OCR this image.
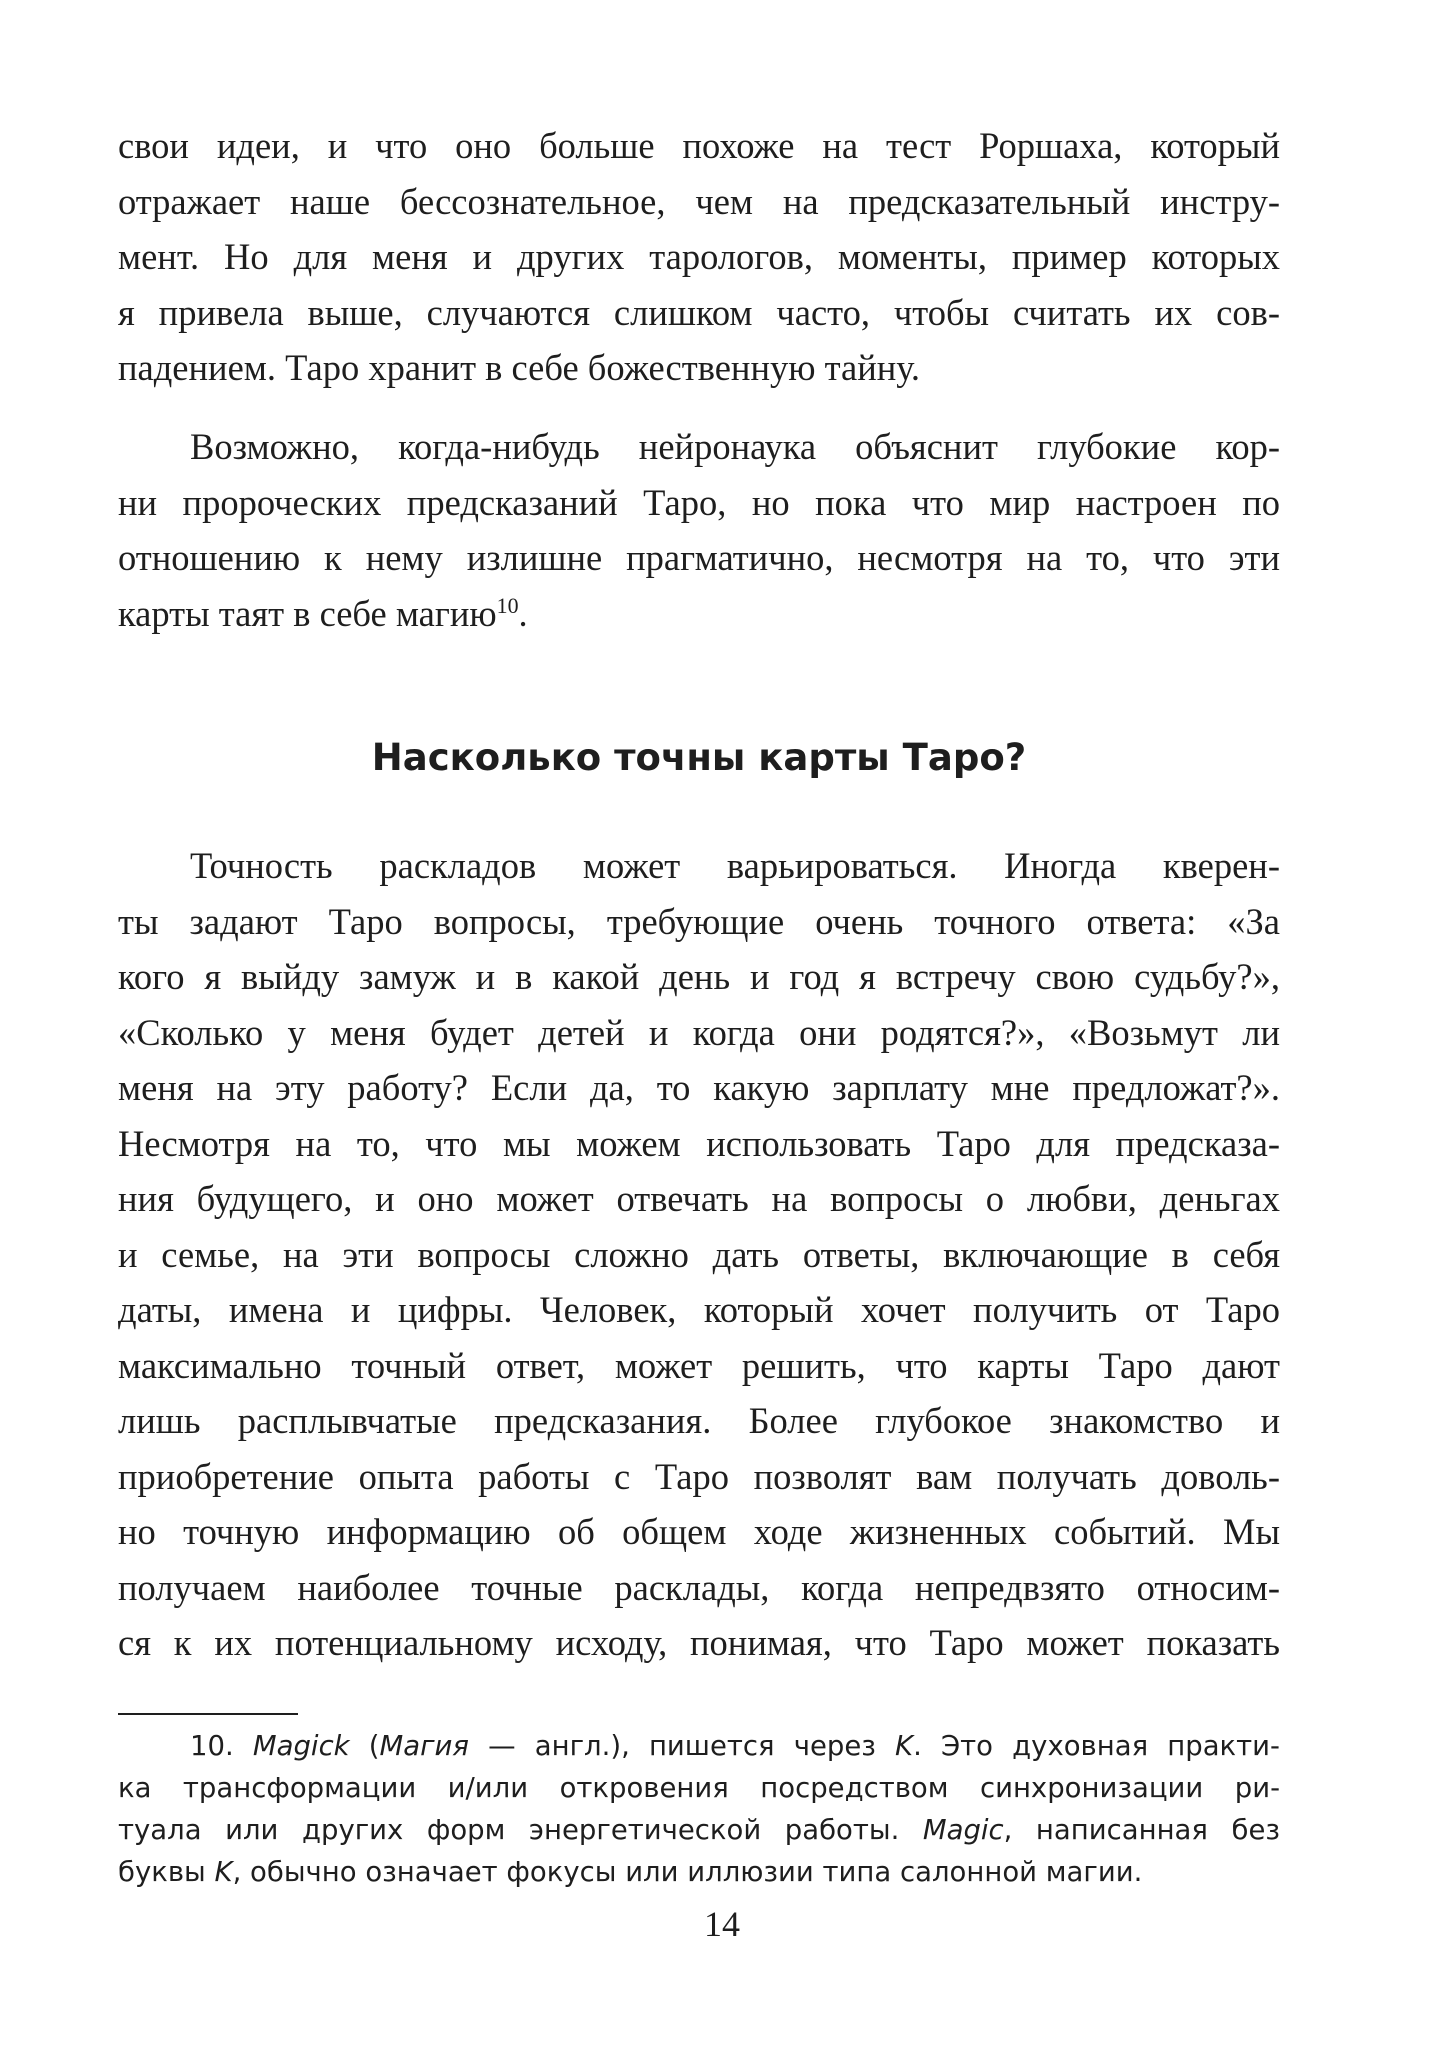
свои идеи, и что оно больше похоже на тест Роршаха, который
отражает наше бессознательное, чем на предсказательный инстру-
мент. Но для меня и других тарологов, моменты, пример которых
я привела выше, случаются слишком часто, чтобы считать их сов-
падением. Таро хранит в себе божественную тайну.
Возможно, когда-нибудь нейронаука объяснит глубокие кор-
ни пророческих предсказаний Таро, но пока что мир настроен по
отношению к нему излишне прагматично, несмотря на то, что эти
карты таят в себе магию$^{10}$.
Насколько точны карты Таро?
Точность раскладов может варьироваться. Иногда кверен-
ты задают Таро вопросы, требующие очень точного ответа: «За
кого я выйду замуж и в какой день и год я встречу свою судьбу?»,
«Сколько у меня будет детей и когда они родятся?», «Возьмут ли
меня на эту работу? Если да, то какую зарплату мне предложат?».
Несмотря на то, что мы можем использовать Таро для предсказа-
ния будущего, и оно может отвечать на вопросы о любви, деньгах
и семье, на эти вопросы сложно дать ответы, включающие в себя
даты, имена и цифры. Человек, который хочет получить от Таро
максимально точный ответ, может решить, что карты Таро дают
лишь расплывчатые предсказания. Более глубокое знакомство и
приобретение опыта работы с Таро позволят вам получать доволь-
но точную информацию об общем ходе жизненных событий. Мы
получаем наиболее точные расклады, когда непредвзято относим-
ся к их потенциальному исходу, понимая, что Таро может показать
10. Magick (Магия — англ.), пишется через K. Это духовная практи-
ка трансформации и/или откровения посредством синхронизации ри-
туала или других форм энергетической работы. Magic, написанная без
буквы K, обычно означает фокусы или иллюзии типа салонной магии.
14
